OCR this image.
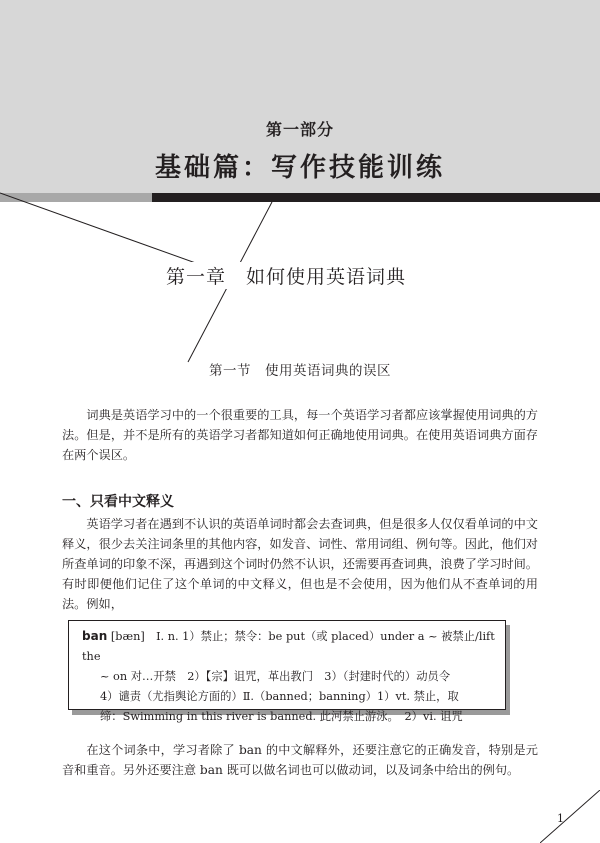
第一部分
基础篇：写作技能训练
第一章　如何使用英语词典
第一节　使用英语词典的误区

词典是英语学习中的一个很重要的工具，每一个英语学习者都应该掌握使用词典的方法。但是，并不是所有的英语学习者都知道如何正确地使用词典。在使用英语词典方面存在两个误区。

一、只看中文释义

英语学习者在遇到不认识的英语单词时都会去查词典，但是很多人仅仅看单词的中文释义，很少去关注词条里的其他内容，如发音、词性、常用词组、例句等。因此，他们对所查单词的印象不深，再遇到这个词时仍然不认识，还需要再查词典，浪费了学习时间。有时即便他们记住了这个单词的中文释义，但也是不会使用，因为他们从不查单词的用法。例如，

ban [bæn]　Ⅰ. n. 1）禁止；禁令：be put（或 placed）under a ~ 被禁止/lift the
~ on 对…开禁　2）【宗】诅咒，革出教门　3）（封建时代的）动员令
4）谴责（尤指舆论方面的）Ⅱ.（banned；banning）1）vt. 禁止，取
缔：Swimming in this river is banned. 此河禁止游泳。　2）vi. 诅咒

在这个词条中，学习者除了 ban 的中文解释外，还要注意它的正确发音，特别是元音和重音。另外还要注意 ban 既可以做名词也可以做动词，以及词条中给出的例句。

1
